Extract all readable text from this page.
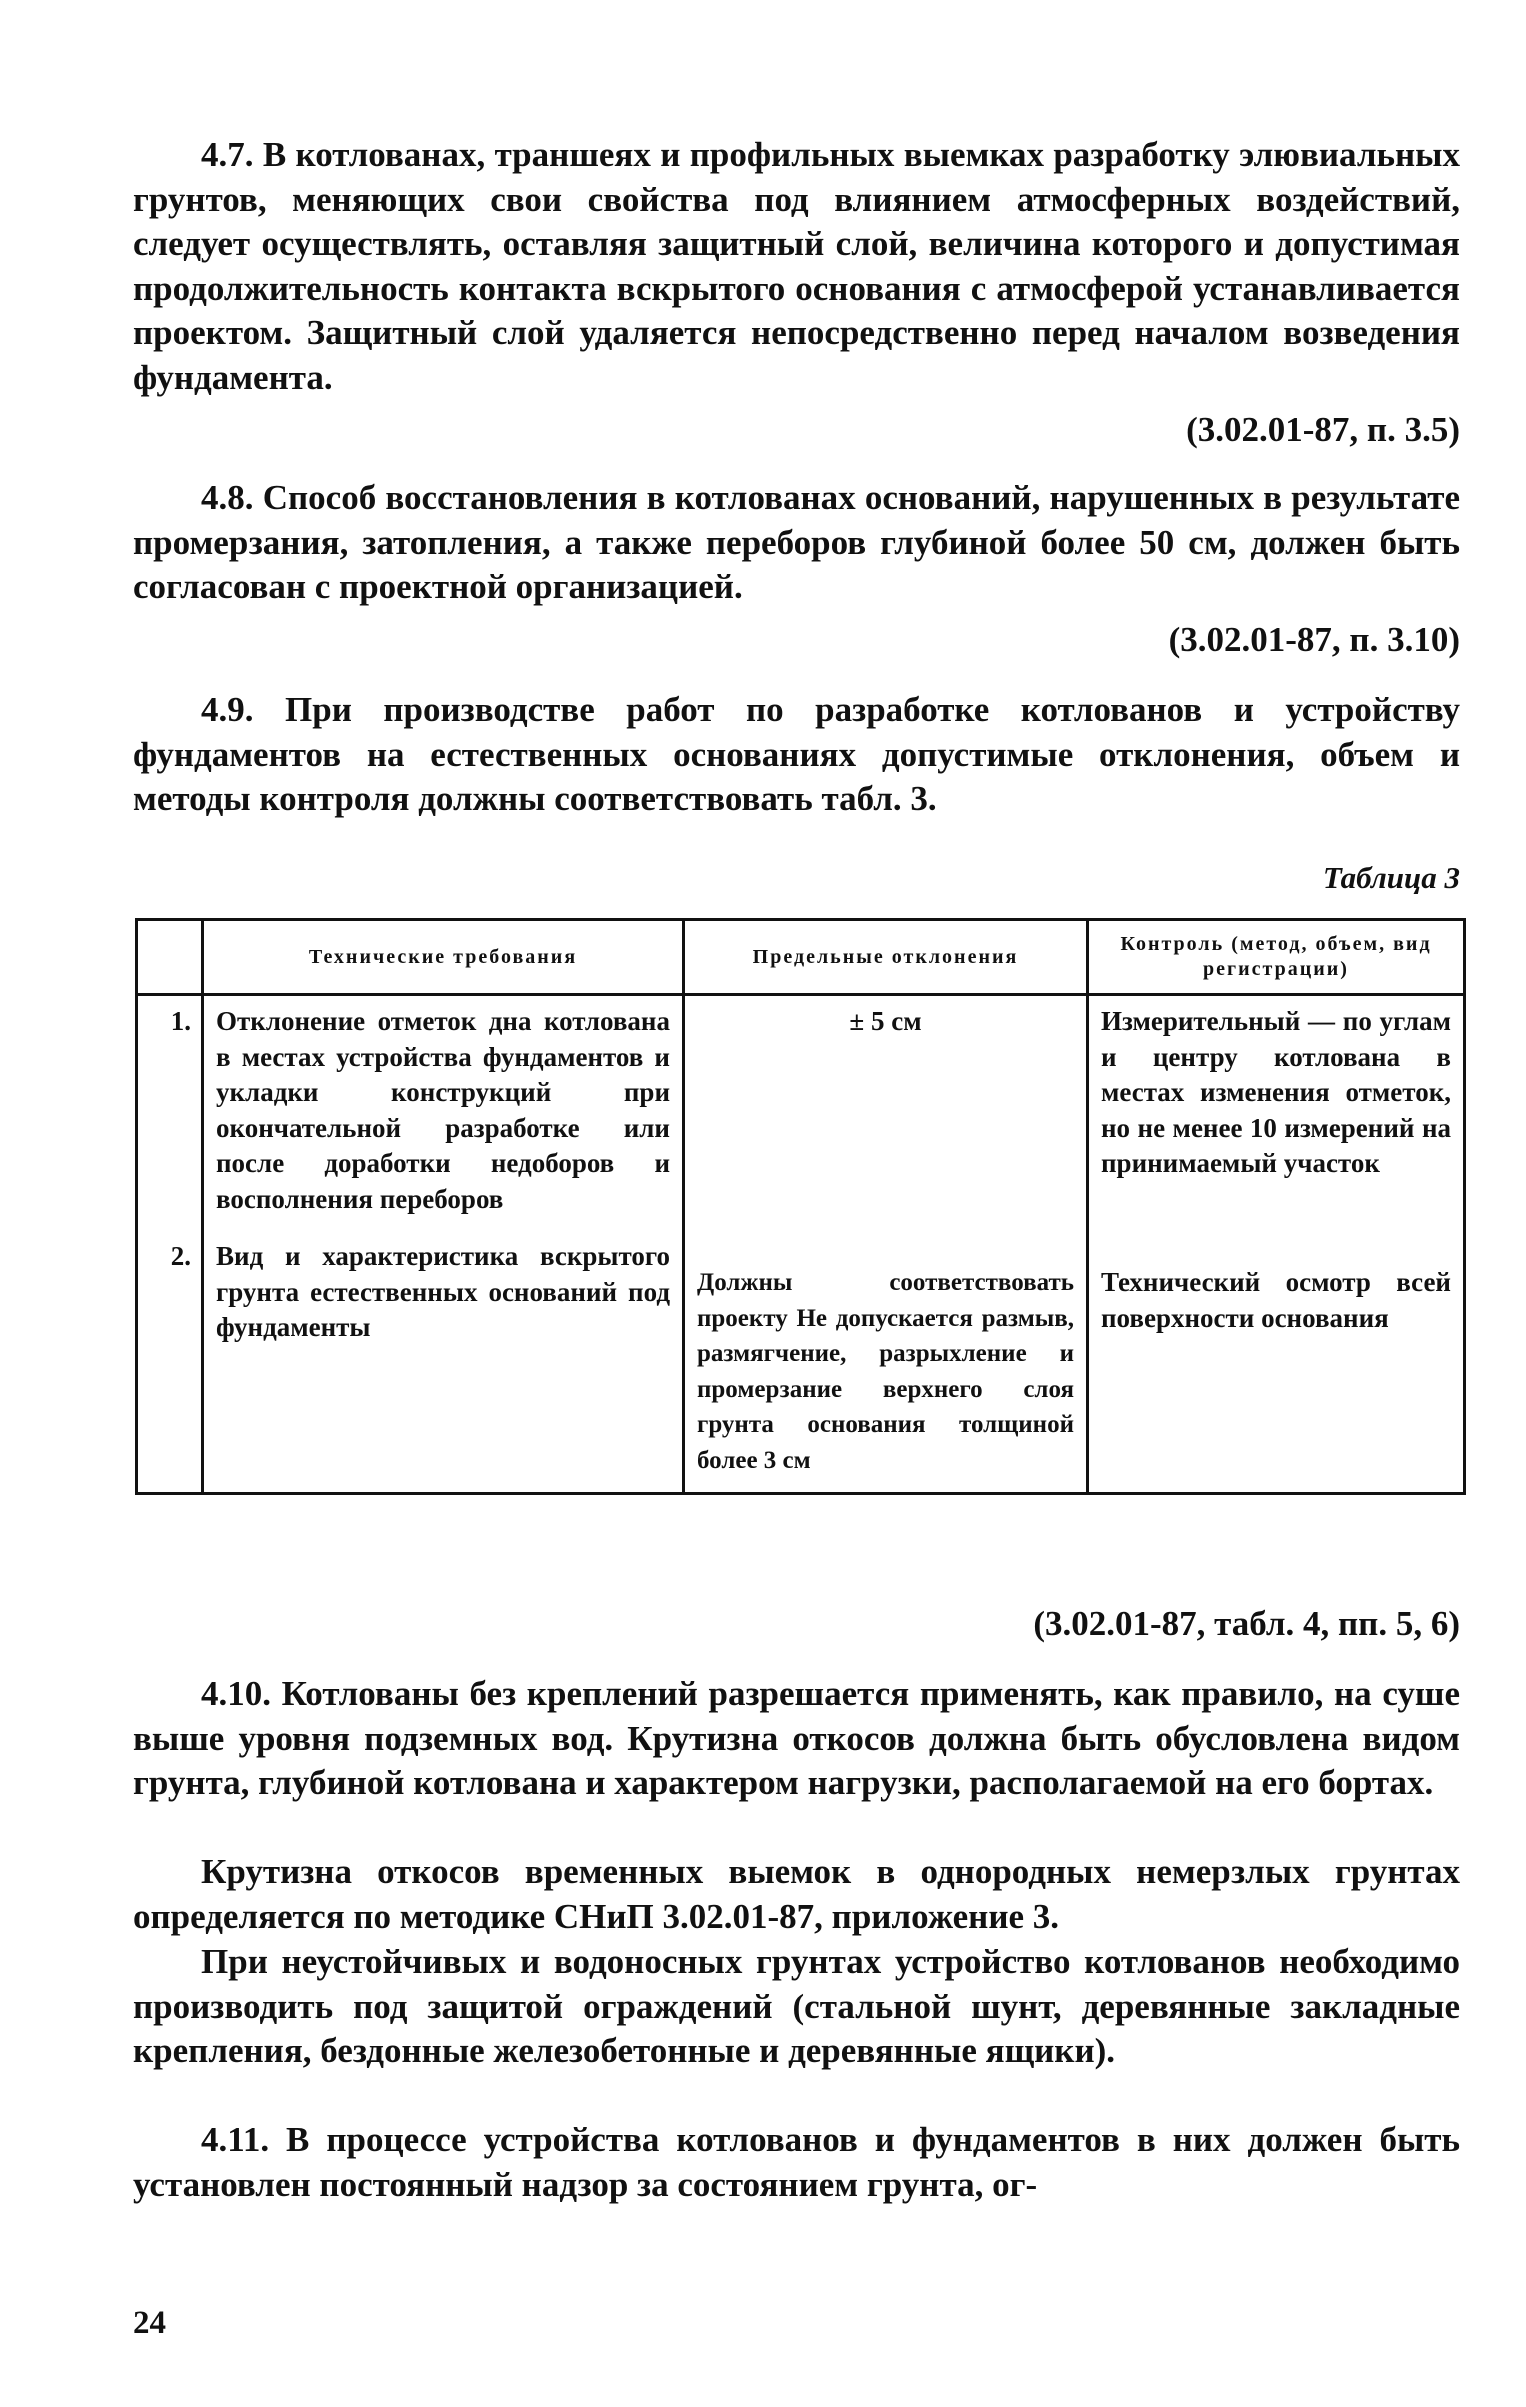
4.7. В котлованах, траншеях и профильных выемках разработку элювиальных грунтов, меняющих свои свойства под влиянием атмосферных воздействий, следует осуществлять, оставляя защитный слой, величина которого и допустимая продолжительность контакта вскрытого основания с атмосферой устанавливается проектом. Защитный слой удаляется непосредственно перед началом возведения фундамента.

(3.02.01-87, п. 3.5)

4.8. Способ восстановления в котлованах оснований, нарушенных в результате промерзания, затопления, а также переборов глубиной более 50 см, должен быть согласован с проектной организацией.

(3.02.01-87, п. 3.10)

4.9. При производстве работ по разработке котлованов и устройству фундаментов на естественных основаниях допустимые отклонения, объем и методы контроля должны соответствовать табл. 3.

Таблица 3

	Технические требования	Предельные отклонения	Контроль (метод, объем, вид регистрации)
1.	Отклонение отметок дна котлована в местах устройства фундаментов и укладки конструкций при окончательной разработке или после доработки недоборов и восполнения переборов	± 5 см	Измерительный — по углам и центру котлована в местах изменения отметок, но не менее 10 измерений на принимаемый участок
2.	Вид и характеристика вскрытого грунта естественных оснований под фундаменты	Должны соответствовать проекту Не допускается размыв, размягчение, разрыхление и промерзание верхнего слоя грунта основания толщиной более 3 см	Технический осмотр всей поверхности основания

(3.02.01-87, табл. 4, пп. 5, 6)

4.10. Котлованы без креплений разрешается применять, как правило, на суше выше уровня подземных вод. Крутизна откосов должна быть обусловлена видом грунта, глубиной котлована и характером нагрузки, располагаемой на его бортах.

Крутизна откосов временных выемок в однородных немерзлых грунтах определяется по методике СНиП 3.02.01-87, приложение 3.

При неустойчивых и водоносных грунтах устройство котлованов необходимо производить под защитой ограждений (стальной шунт, деревянные закладные крепления, бездонные железобетонные и деревянные ящики).

4.11. В процессе устройства котлованов и фундаментов в них должен быть установлен постоянный надзор за состоянием грунта, ог-

24
